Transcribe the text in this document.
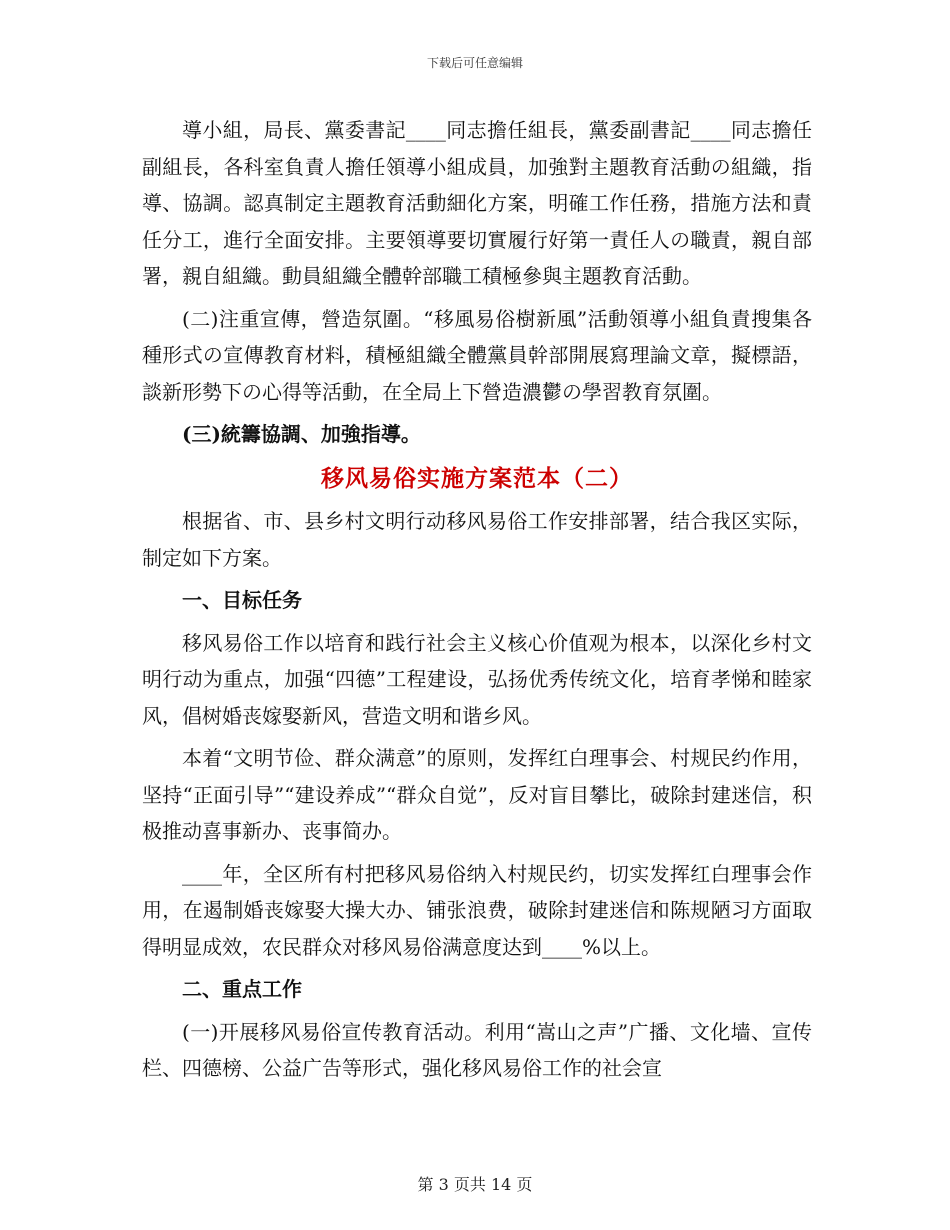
下载后可任意编辑

導小組，局長、黨委書記____同志擔任組長，黨委副書記____同志擔任副組長，各科室負責人擔任領導小組成員，加強對主題教育活動の組織，指導、協調。認真制定主題教育活動細化方案，明確工作任務，措施方法和責任分工，進行全面安排。主要領導要切實履行好第一責任人の職責，親自部署，親自組織。動員組織全體幹部職工積極參與主題教育活動。

(二)注重宣傳，營造氛圍。“移風易俗樹新風”活動領導小組負責搜集各種形式の宣傳教育材料，積極組織全體黨員幹部開展寫理論文章，擬標語，談新形勢下の心得等活動，在全局上下營造濃鬱の學習教育氛圍。

(三)統籌協調、加強指導。

移风易俗实施方案范本（二）

根据省、市、县乡村文明行动移风易俗工作安排部署，结合我区实际，制定如下方案。

一、目标任务

移风易俗工作以培育和践行社会主义核心价值观为根本，以深化乡村文明行动为重点，加强“四德”工程建设，弘扬优秀传统文化，培育孝悌和睦家风，倡树婚丧嫁娶新风，营造文明和谐乡风。

本着“文明节俭、群众满意”的原则，发挥红白理事会、村规民约作用，坚持“正面引导”“建设养成”“群众自觉”，反对盲目攀比，破除封建迷信，积极推动喜事新办、丧事简办。

____年，全区所有村把移风易俗纳入村规民约，切实发挥红白理事会作用，在遏制婚丧嫁娶大操大办、铺张浪费，破除封建迷信和陈规陋习方面取得明显成效，农民群众对移风易俗满意度达到____%以上。

二、重点工作

(一)开展移风易俗宣传教育活动。利用“嵩山之声”广播、文化墙、宣传栏、四德榜、公益广告等形式，强化移风易俗工作的社会宣

第 3 页共 14 页
